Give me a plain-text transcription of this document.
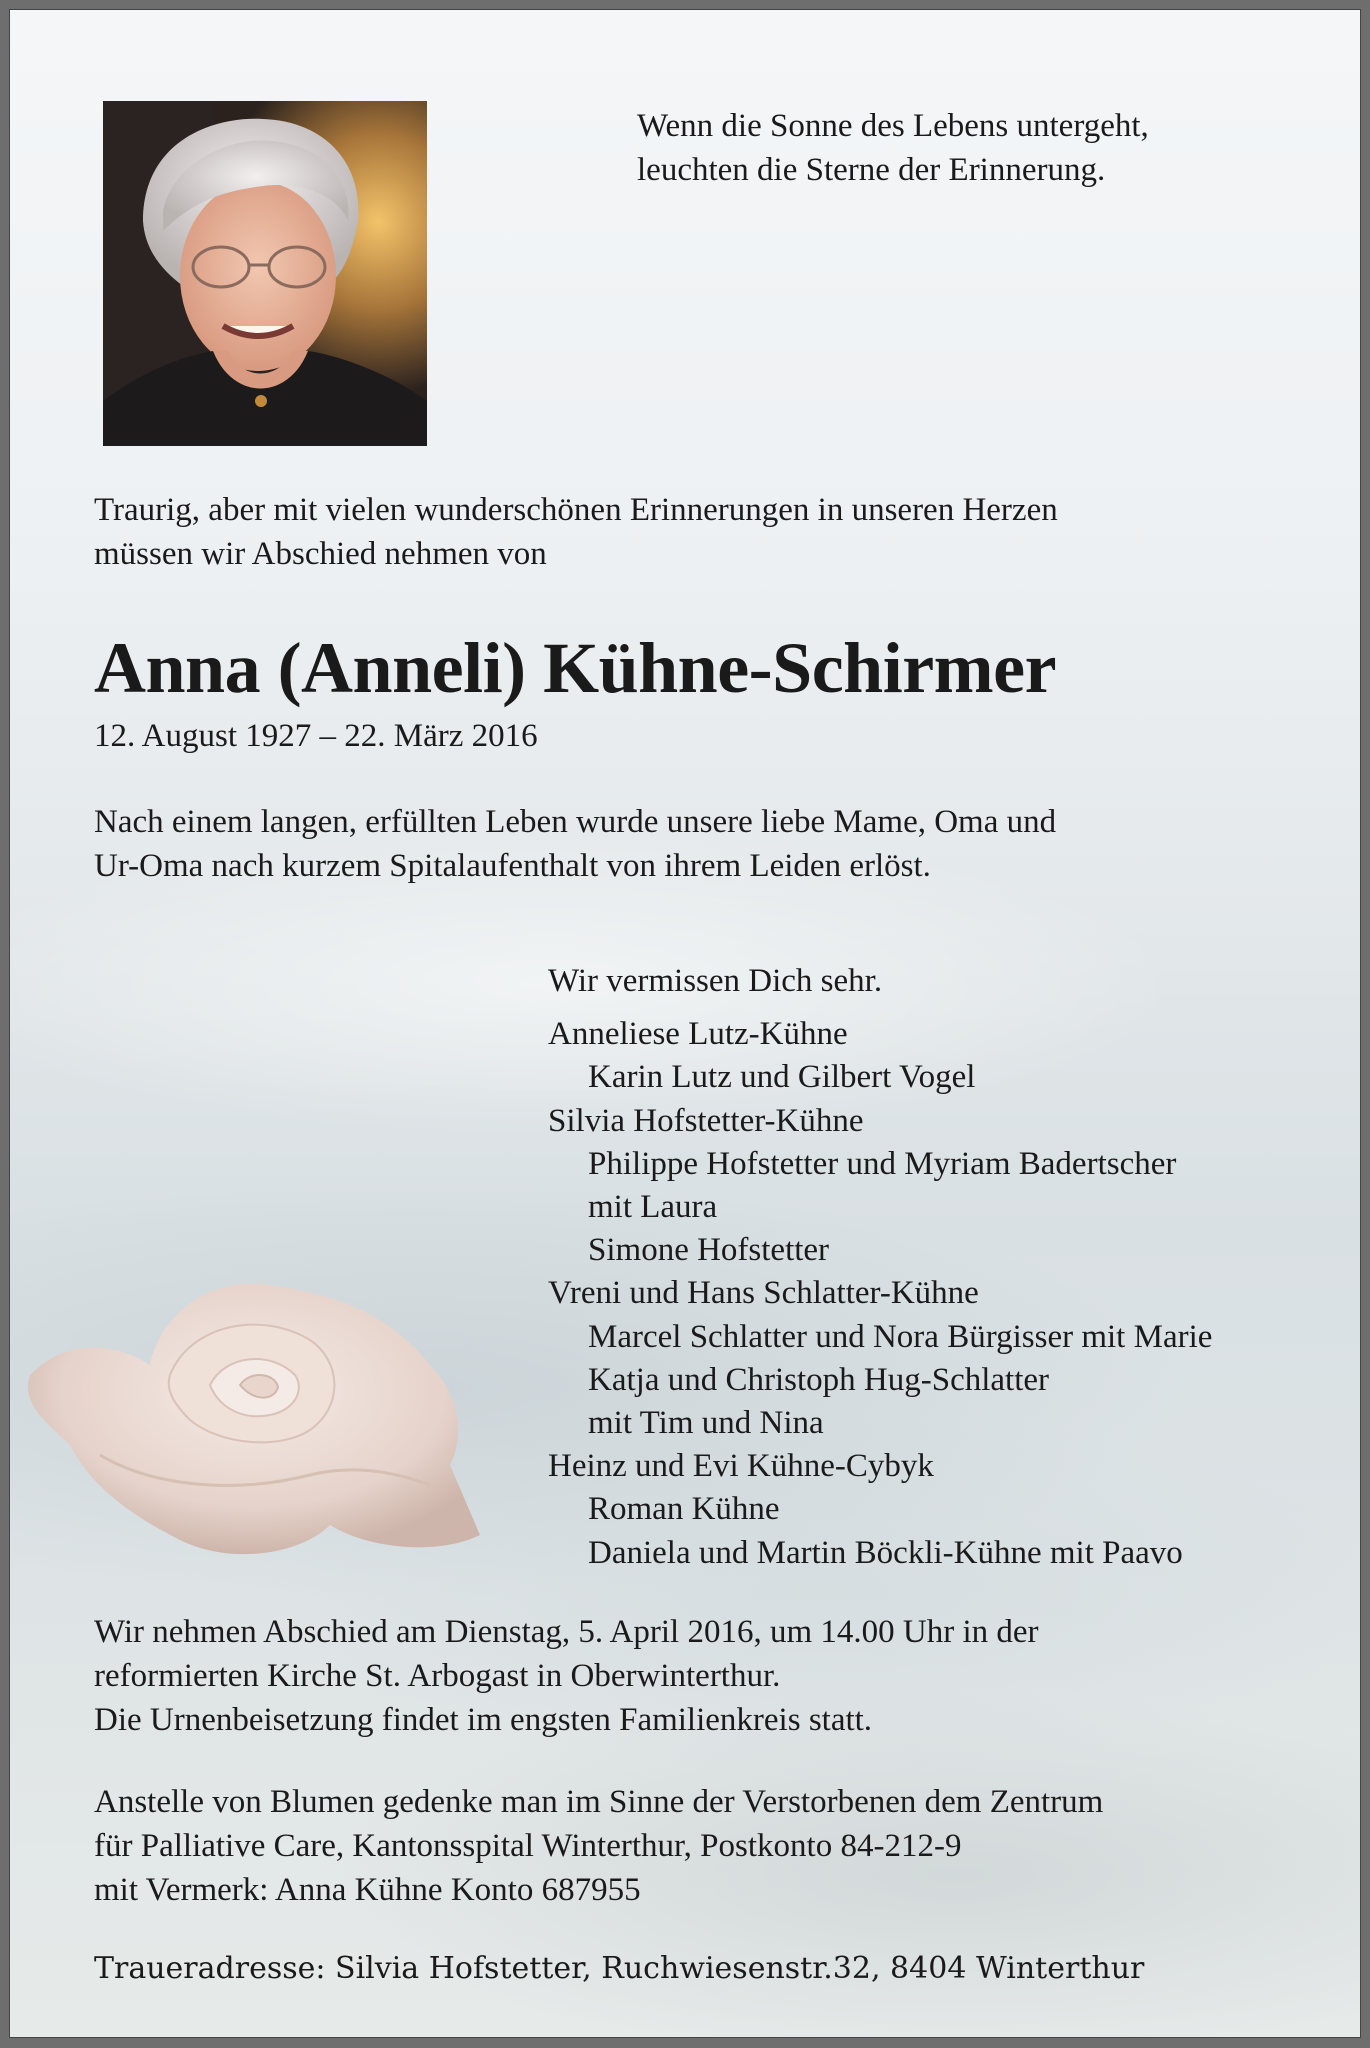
Wenn die Sonne des Lebens untergeht,
leuchten die Sterne der Erinnerung.
Traurig, aber mit vielen wunderschönen Erinnerungen in unseren Herzen
müssen wir Abschied nehmen von
Anna (Anneli) Kühne-Schirmer
12. August 1927 – 22. März 2016
Nach einem langen, erfüllten Leben wurde unsere liebe Mame, Oma und
Ur-Oma nach kurzem Spitalaufenthalt von ihrem Leiden erlöst.
Wir vermissen Dich sehr.
Anneliese Lutz-Kühne
Karin Lutz und Gilbert Vogel
Silvia Hofstetter-Kühne
Philippe Hofstetter und Myriam Badertscher
mit Laura
Simone Hofstetter
Vreni und Hans Schlatter-Kühne
Marcel Schlatter und Nora Bürgisser mit Marie
Katja und Christoph Hug-Schlatter
mit Tim und Nina
Heinz und Evi Kühne-Cybyk
Roman Kühne
Daniela und Martin Böckli-Kühne mit Paavo
Wir nehmen Abschied am Dienstag, 5. April 2016, um 14.00 Uhr in der
reformierten Kirche St. Arbogast in Oberwinterthur.
Die Urnenbeisetzung findet im engsten Familienkreis statt.
Anstelle von Blumen gedenke man im Sinne der Verstorbenen dem Zentrum
für Palliative Care, Kantonsspital Winterthur, Postkonto 84-212-9
mit Vermerk: Anna Kühne Konto 687955
Traueradresse: Silvia Hofstetter, Ruchwiesenstr.32, 8404 Winterthur
